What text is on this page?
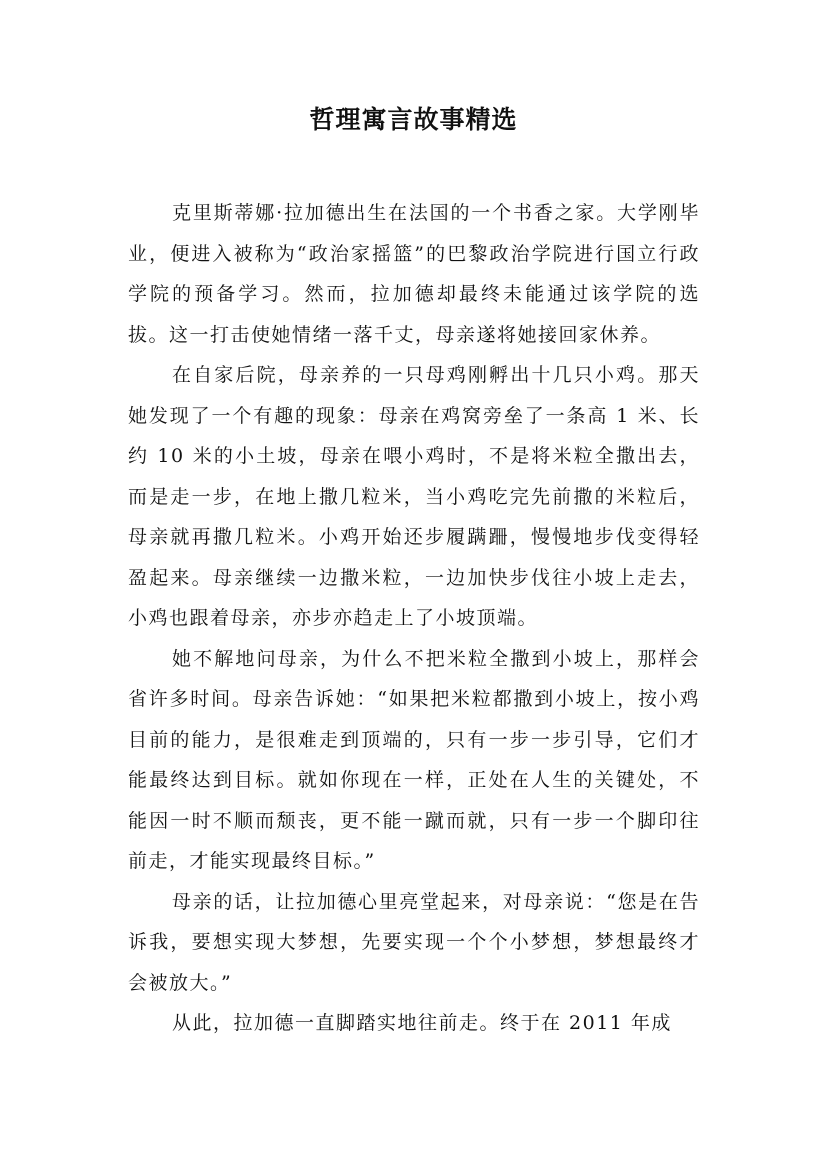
哲理寓言故事精选

克里斯蒂娜·拉加德出生在法国的一个书香之家。大学刚毕业，便进入被称为“政治家摇篮”的巴黎政治学院进行国立行政学院的预备学习。然而，拉加德却最终未能通过该学院的选拔。这一打击使她情绪一落千丈，母亲遂将她接回家休养。

在自家后院，母亲养的一只母鸡刚孵出十几只小鸡。那天她发现了一个有趣的现象：母亲在鸡窝旁垒了一条高 1 米、长约 10 米的小土坡，母亲在喂小鸡时，不是将米粒全撒出去，而是走一步，在地上撒几粒米，当小鸡吃完先前撒的米粒后，母亲就再撒几粒米。小鸡开始还步履蹒跚，慢慢地步伐变得轻盈起来。母亲继续一边撒米粒，一边加快步伐往小坡上走去，小鸡也跟着母亲，亦步亦趋走上了小坡顶端。

她不解地问母亲，为什么不把米粒全撒到小坡上，那样会省许多时间。母亲告诉她：“如果把米粒都撒到小坡上，按小鸡目前的能力，是很难走到顶端的，只有一步一步引导，它们才能最终达到目标。就如你现在一样，正处在人生的关键处，不能因一时不顺而颓丧，更不能一蹴而就，只有一步一个脚印往前走，才能实现最终目标。”

母亲的话，让拉加德心里亮堂起来，对母亲说：“您是在告诉我，要想实现大梦想，先要实现一个个小梦想，梦想最终才会被放大。”

从此，拉加德一直脚踏实地往前走。终于在 2011 年成
